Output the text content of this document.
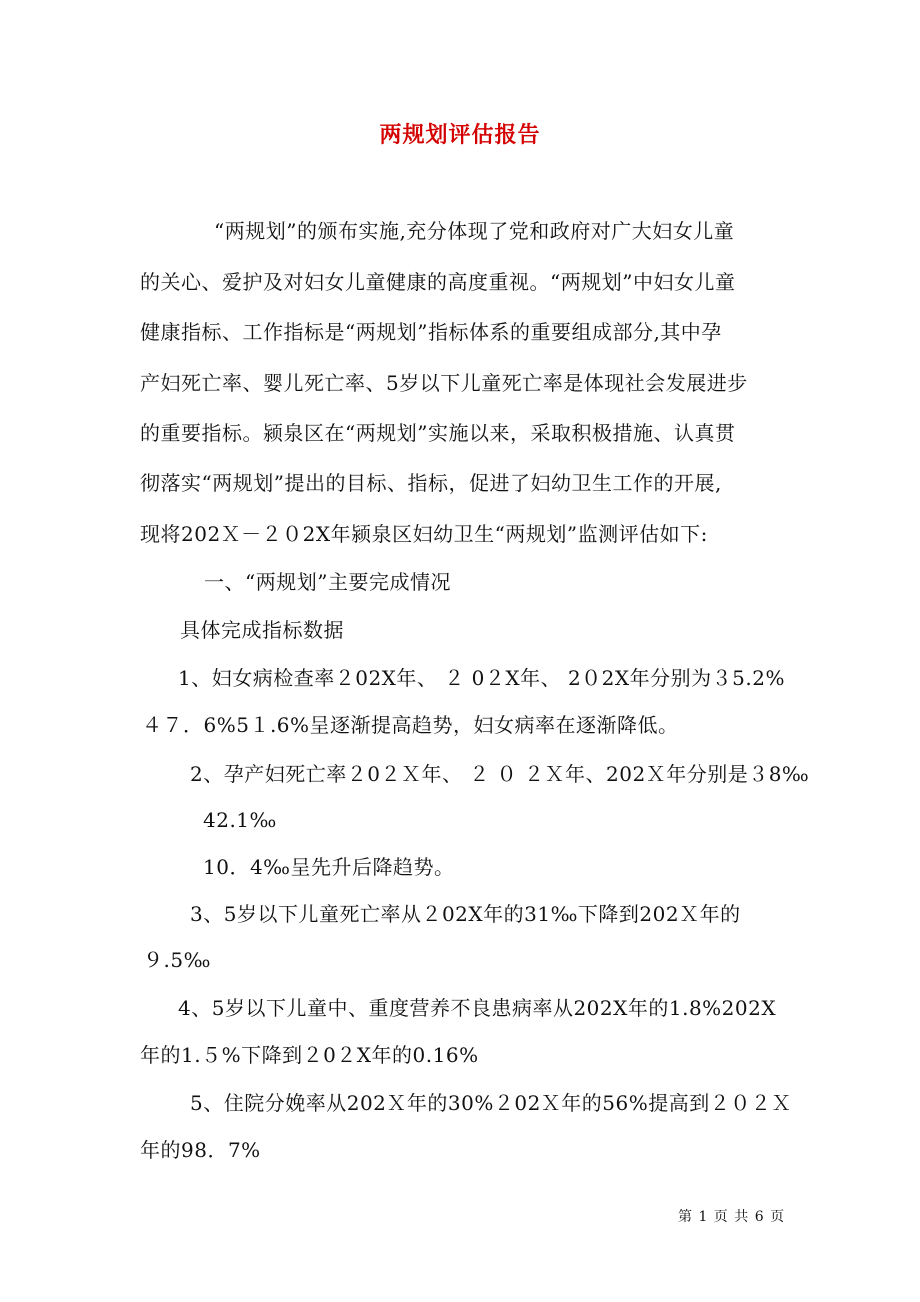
两规划评估报告
“两规划”的颁布实施,充分体现了党和政府对广大妇女儿童
的关心、爱护及对妇女儿童健康的高度重视。“两规划”中妇女儿童
健康指标、工作指标是“两规划”指标体系的重要组成部分,其中孕
产妇死亡率、婴儿死亡率、5岁以下儿童死亡率是体现社会发展进步
的重要指标。颍泉区在“两规划”实施以来，采取积极措施、认真贯
彻落实“两规划”提出的目标、指标，促进了妇幼卫生工作的开展,
现将202Ｘ－２０2X年颍泉区妇幼卫生“两规划”监测评估如下:
一、“两规划”主要完成情况
具体完成指标数据
1、妇女病检查率２02X年、 ２ 0２X年、 2０2X年分别为３5.2%
４７．6%5１.6%呈逐渐提高趋势，妇女病率在逐渐降低。
2、孕产妇死亡率２0２Ｘ年、 ２ ０ ２Ｘ年、202Ｘ年分别是３8‰
42.1‰
10．4‰呈先升后降趋势。
3、5岁以下儿童死亡率从２02X年的31‰下降到202Ｘ年的
９.5‰
4、5岁以下儿童中、重度营养不良患病率从202X年的1.8%202X
年的1.５%下降到２0２X年的0.16%
5、住院分娩率从202Ｘ年的30%２02Ｘ年的56%提高到２０２Ｘ
年的98．7%
第 1 页 共 6 页
